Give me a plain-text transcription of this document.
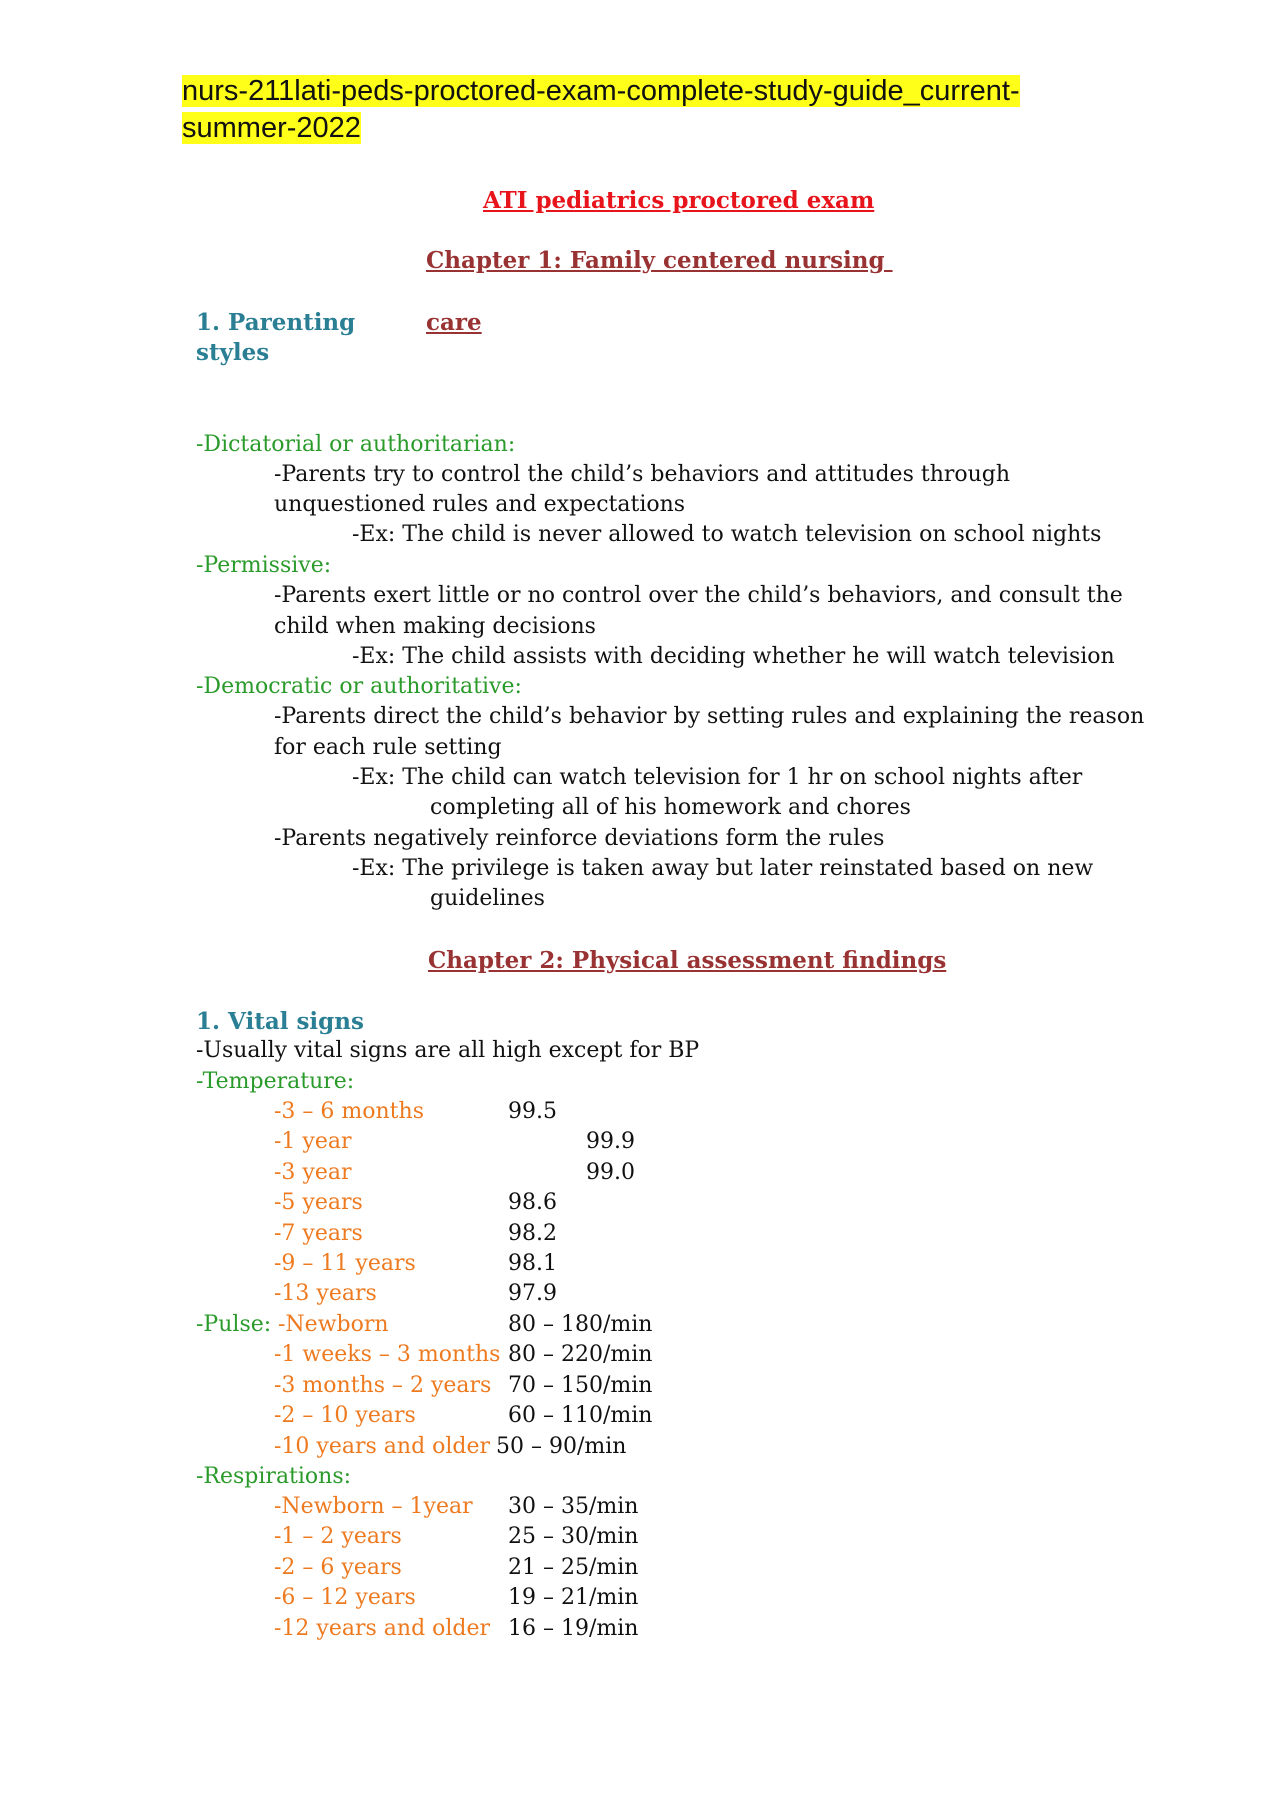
nurs-211lati-peds-proctored-exam-complete-study-guide_current-summer-2022
ATI pediatrics proctored exam
Chapter 1: Family centered nursing
care
1. Parenting
styles
-Dictatorial or authoritarian:
-Parents try to control the child’s behaviors and attitudes through
unquestioned rules and expectations
-Ex: The child is never allowed to watch television on school nights
-Permissive:
-Parents exert little or no control over the child’s behaviors, and consult the
child when making decisions
-Ex: The child assists with deciding whether he will watch television
-Democratic or authoritative:
-Parents direct the child’s behavior by setting rules and explaining the reason
for each rule setting
-Ex: The child can watch television for 1 hr on school nights after
completing all of his homework and chores
-Parents negatively reinforce deviations form the rules
-Ex: The privilege is taken away but later reinstated based on new
guidelines
Chapter 2: Physical assessment findings
1. Vital signs
-Usually vital signs are all high except for BP
-Temperature:
-3 – 6 months	99.5
-1 year	99.9
-3 year	99.0
-5 years	98.6
-7 years	98.2
-9 – 11 years	98.1
-13 years	97.9
-Pulse: -Newborn	80 – 180/min
-1 weeks – 3 months 80 – 220/min
-3 months – 2 years 70 – 150/min
-2 – 10 years	60 – 110/min
-10 years and older 50 – 90/min
-Respirations:
-Newborn – 1year 30 – 35/min
-1 – 2 years	25 – 30/min
-2 – 6 years	21 – 25/min
-6 – 12 years	19 – 21/min
-12 years and older 16 – 19/min
